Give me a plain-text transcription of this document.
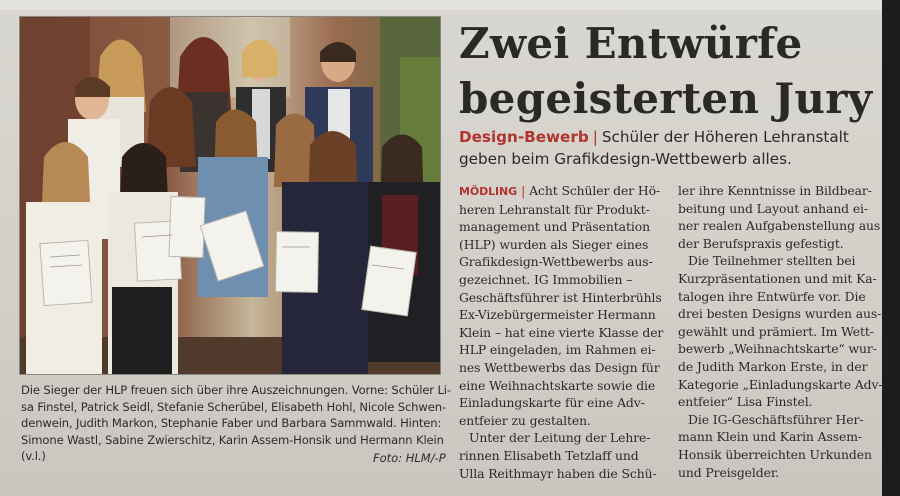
Die Sieger der HLP freuen sich über ihre Auszeichnungen. Vorne: Schüler Li-
sa Finstel, Patrick Seidl, Stefanie Scherübel, Elisabeth Hohl, Nicole Schwen-
denwein, Judith Markon, Stephanie Faber und Barbara Sammwald. Hinten:
Simone Wastl, Sabine Zwierschitz, Karin Assem-Honsik und Hermann Klein
(v.l.)	Foto: HLM/-P
Zwei Entwürfe
begeisterten Jury
Design-Bewerb | Schüler der Höheren Lehranstalt
geben beim Grafikdesign-Wettbewerb alles.
MÖDLING | Acht Schüler der Hö-
heren Lehranstalt für Produkt-
management und Präsentation
(HLP) wurden als Sieger eines
Grafikdesign-Wettbewerbs aus-
gezeichnet. IG Immobilien –
Geschäftsführer ist Hinterbrühls
Ex-Vizebürgermeister Hermann
Klein – hat eine vierte Klasse der
HLP eingeladen, im Rahmen ei-
nes Wettbewerbs das Design für
eine Weihnachtskarte sowie die
Einladungskarte für eine Adv-
entfeier zu gestalten.
Unter der Leitung der Lehre-
rinnen Elisabeth Tetzlaff und
Ulla Reithmayr haben die Schü-
ler ihre Kenntnisse in Bildbear-
beitung und Layout anhand ei-
ner realen Aufgabenstellung aus
der Berufspraxis gefestigt.
Die Teilnehmer stellten bei
Kurzpräsentationen und mit Ka-
talogen ihre Entwürfe vor. Die
drei besten Designs wurden aus-
gewählt und prämiert. Im Wett-
bewerb „Weihnachtskarte“ wur-
de Judith Markon Erste, in der
Kategorie „Einladungskarte Adv-
entfeier“ Lisa Finstel.
Die IG-Geschäftsführer Her-
mann Klein und Karin Assem-
Honsik überreichten Urkunden
und Preisgelder.
